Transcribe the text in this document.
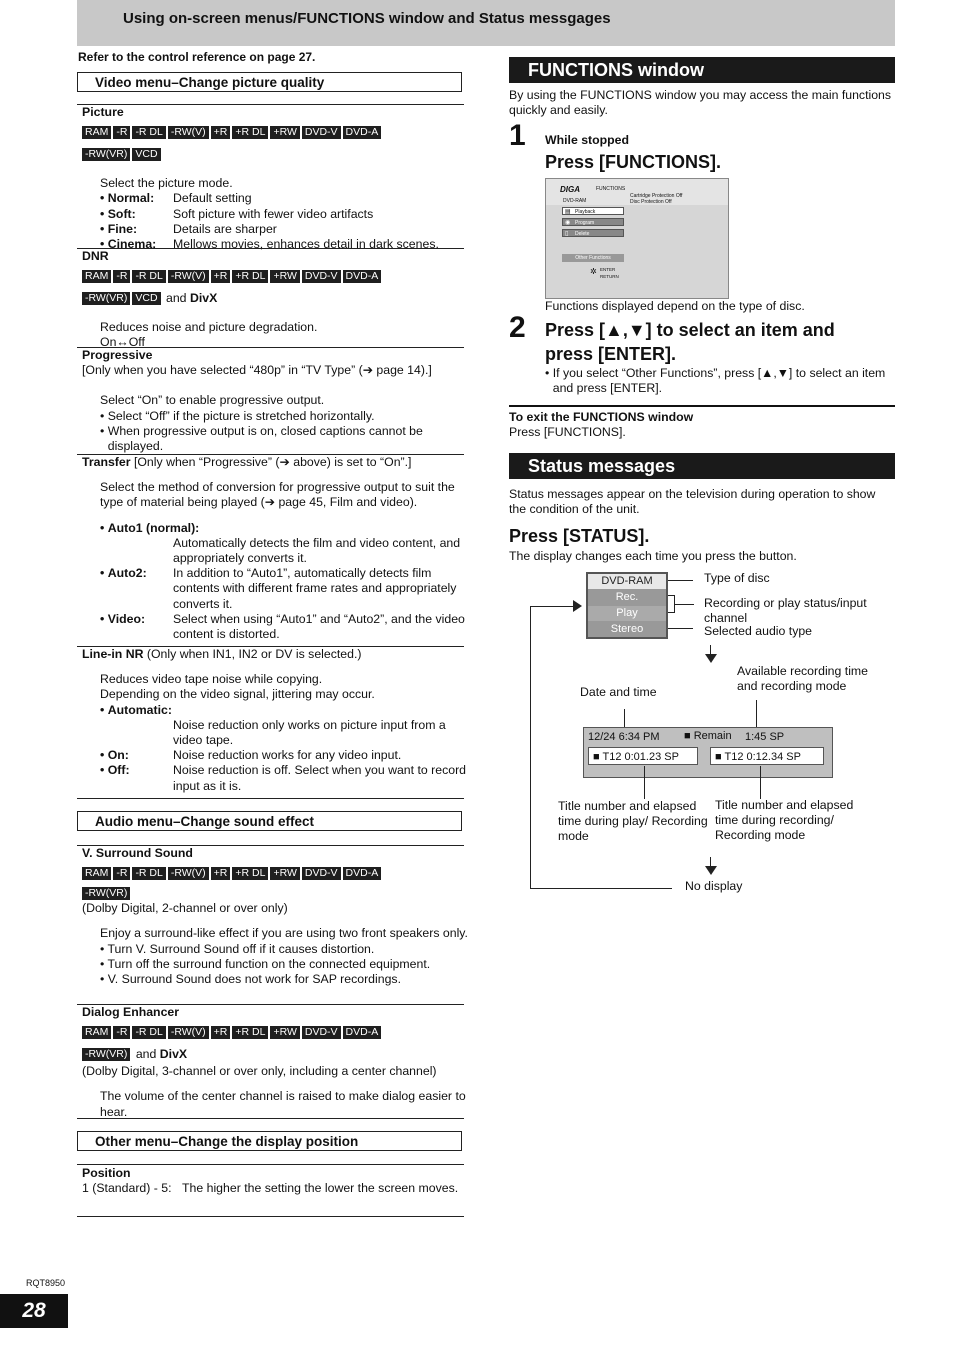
Using on-screen menus/FUNCTIONS window and Status messgages
Refer to the control reference on page 27.
Video menu–Change picture quality
Picture
RAM -R -R DL -RW(V) +R +R DL +RW DVD-V DVD-A
-RW(VR) VCD
Select the picture mode.
• Normal:	Default setting
• Soft:	Soft picture with fewer video artifacts
• Fine:	Details are sharper
• Cinema:	Mellows movies, enhances detail in dark scenes.
DNR
RAM -R -R DL -RW(V) +R +R DL +RW DVD-V DVD-A
-RW(VR) VCD and DivX
Reduces noise and picture degradation.
On↔Off
Progressive
[Only when you have selected “480p” in “TV Type” (➔ page 14).]
Select “On” to enable progressive output.
• Select “Off” if the picture is stretched horizontally.
• When progressive output is on, closed captions cannot be displayed.
Transfer [Only when “Progressive” (➔ above) is set to “On”.]
Select the method of conversion for progressive output to suit the type of material being played (➔ page 45, Film and video).
• Auto1 (normal):
Automatically detects the film and video content, and appropriately converts it.
• Auto2:	In addition to “Auto1”, automatically detects film contents with different frame rates and appropriately converts it.
• Video:	Select when using “Auto1” and “Auto2”, and the video content is distorted.
Line-in NR (Only when IN1, IN2 or DV is selected.)
Reduces video tape noise while copying.
Depending on the video signal, jittering may occur.
• Automatic:
Noise reduction only works on picture input from a video tape.
• On:	Noise reduction works for any video input.
• Off:	Noise reduction is off. Select when you want to record input as it is.
Audio menu–Change sound effect
V. Surround Sound
RAM -R -R DL -RW(V) +R +R DL +RW DVD-V DVD-A
-RW(VR)
(Dolby Digital, 2-channel or over only)
Enjoy a surround-like effect if you are using two front speakers only.
• Turn V. Surround Sound off if it causes distortion.
• Turn off the surround function on the connected equipment.
• V. Surround Sound does not work for SAP recordings.
Dialog Enhancer
RAM -R -R DL -RW(V) +R +R DL +RW DVD-V DVD-A
-RW(VR) and DivX
(Dolby Digital, 3-channel or over only, including a center channel)
The volume of the center channel is raised to make dialog easier to hear.
Other menu–Change the display position
Position
1 (Standard) - 5: The higher the setting the lower the screen moves.
RQT8950
28
FUNCTIONS window
By using the FUNCTIONS window you may access the main functions quickly and easily.
1 While stopped
Press [FUNCTIONS].
DIGA	FUNCTIONS
DVD-RAM
Cartridge Protection Off
Disc Protection Off
▤ Playback
◉ Program
▯ Delete
Other Functions
✲ ENTER
RETURN
Functions displayed depend on the type of disc.
2 Press [▲,▼] to select an item and press [ENTER].
• If you select “Other Functions”, press [▲,▼] to select an item and press [ENTER].
To exit the FUNCTIONS window
Press [FUNCTIONS].
Status messages
Status messages appear on the television during operation to show the condition of the unit.
Press [STATUS].
The display changes each time you press the button.
DVD-RAM
Rec.
Play
Stereo
Type of disc
Recording or play status/input channel
Selected audio type
Date and time
Available recording time and recording mode
12/24 6:34 PM ■ Remain 1:45 SP
■ T12 0:01.23 SP	■ T12 0:12.34 SP
Title number and elapsed time during play/ Recording mode
Title number and elapsed time during recording/ Recording mode
No display
